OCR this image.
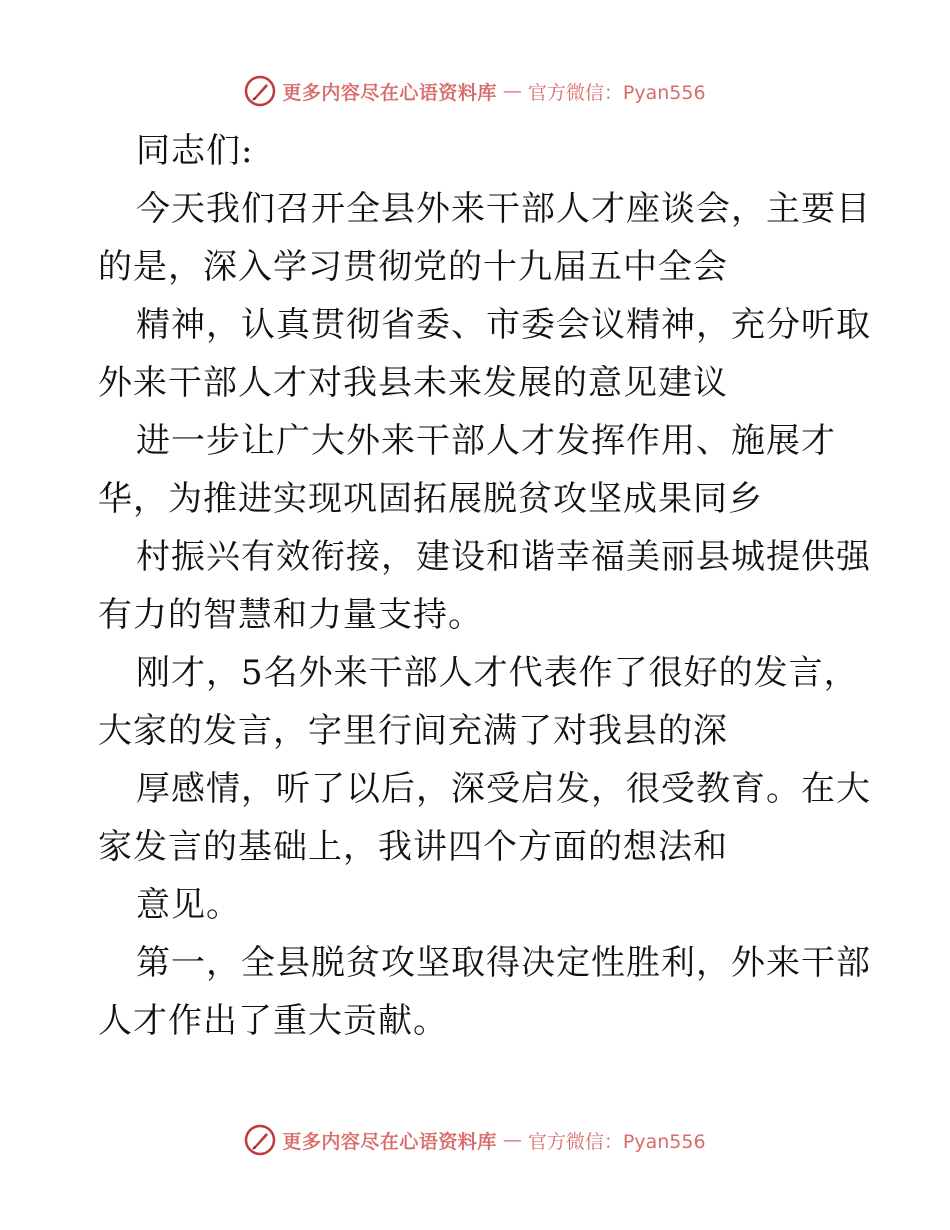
更多内容尽在心语资料库 — 官方微信：Pyan556
同志们:
今天我们召开全县外来干部人才座谈会，主要目
的是，深入学习贯彻党的十九届五中全会
精神，认真贯彻省委、市委会议精神，充分听取
外来干部人才对我县未来发展的意见建议
进一步让广大外来干部人才发挥作用、施展才
华，为推进实现巩固拓展脱贫攻坚成果同乡
村振兴有效衔接，建设和谐幸福美丽县城提供强
有力的智慧和力量支持。
刚才，5名外来干部人才代表作了很好的发言，
大家的发言，字里行间充满了对我县的深
厚感情，听了以后，深受启发，很受教育。在大
家发言的基础上，我讲四个方面的想法和
意见。
第一，全县脱贫攻坚取得决定性胜利，外来干部
人才作出了重大贡献。
更多内容尽在心语资料库 — 官方微信：Pyan556
